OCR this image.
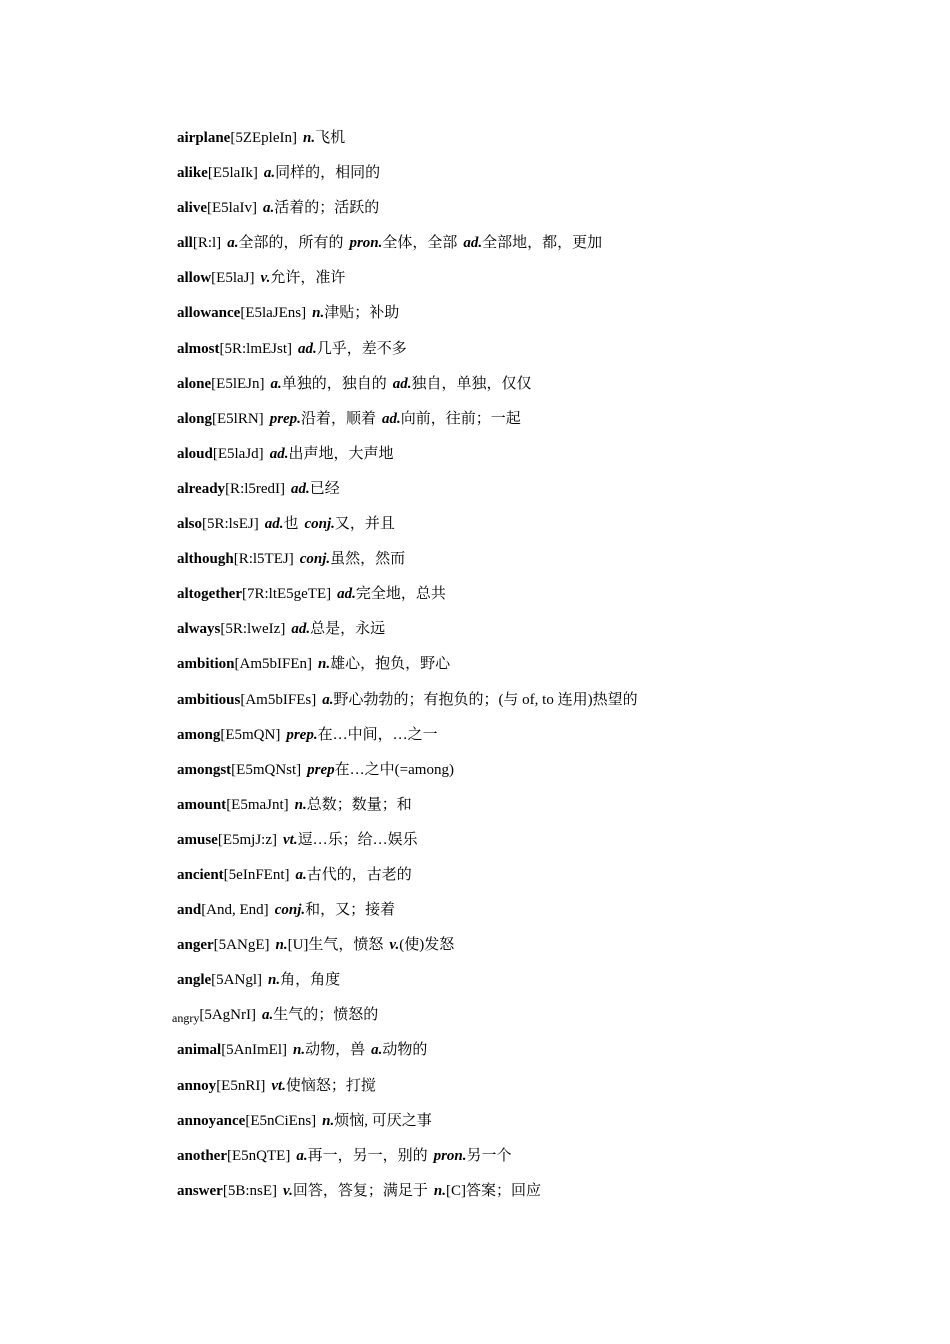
airplane[5ZEpleIn] n.飞机
alike[E5laIk] a.同样的，相同的
alive[E5laIv] a.活着的；活跃的
all[R:l] a.全部的，所有的 pron.全体，全部 ad.全部地，都，更加
allow[E5laJ] v.允许，准许
allowance[E5laJEns] n.津贴；补助
almost[5R:lmEJst] ad.几乎，差不多
alone[E5lEJn] a.单独的，独自的 ad.独自，单独，仅仅
along[E5lRN] prep.沿着，顺着 ad.向前，往前；一起
aloud[E5laJd] ad.出声地，大声地
already[R:l5redI] ad.已经
also[5R:lsEJ] ad.也 conj.又，并且
although[R:l5TEJ] conj.虽然，然而
altogether[7R:ltE5geTE] ad.完全地，总共
always[5R:lweIz] ad.总是，永远
ambition[Am5bIFEn] n.雄心，抱负，野心
ambitious[Am5bIFEs] a.野心勃勃的；有抱负的；(与 of, to 连用)热望的
among[E5mQN] prep.在…中间，…之一
amongst[E5mQNst] prep在…之中(=among)
amount[E5maJnt] n.总数；数量；和
amuse[E5mjJ:z] vt.逗…乐；给…娱乐
ancient[5eInFEnt] a.古代的，古老的
and[And, End] conj.和，又；接着
anger[5ANgE] n.[U]生气，愤怒 v.(使)发怒
angle[5ANgl] n.角，角度
$_{angry}$[5AgNrI] a.生气的；愤怒的
animal[5AnImEl] n.动物，兽 a.动物的
annoy[E5nRI] vt.使恼怒；打搅
annoyance[E5nCiEns] n.烦恼, 可厌之事
another[E5nQTE] a.再一，另一，别的 pron.另一个
answer[5B:nsE] v.回答，答复；满足于 n.[C]答案；回应
